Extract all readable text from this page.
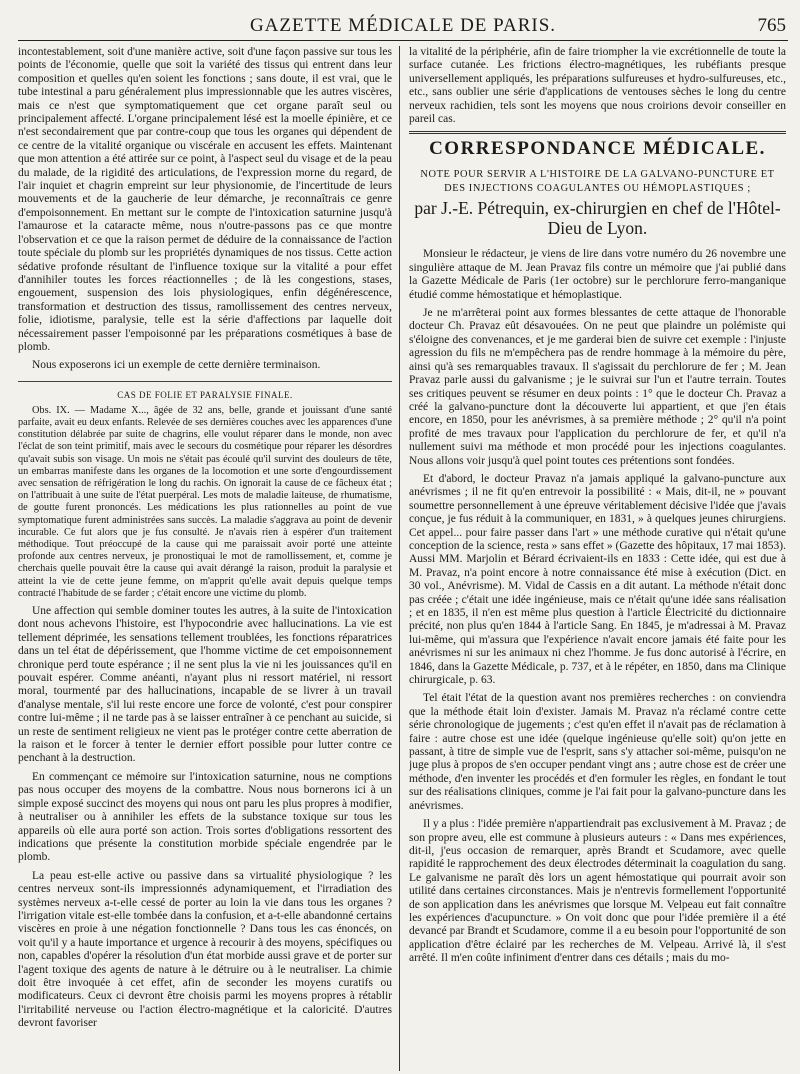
GAZETTE MÉDICALE DE PARIS.	765

incontestablement, soit d'une manière active, soit d'une façon passive sur tous les points de l'économie, quelle que soit la variété des tissus qui entrent dans leur composition et quelles qu'en soient les fonctions ; sans doute, il est vrai, que le tube intestinal a paru généralement plus impressionnable que les autres viscères, mais ce n'est que symptomatiquement que cet organe paraît seul ou principalement affecté. L'organe principalement lésé est la moelle épinière, et ce n'est secondairement que par contre-coup que tous les organes qui dépendent de ce centre de la vitalité organique ou viscérale en accusent les effets. Maintenant que mon attention a été attirée sur ce point, à l'aspect seul du visage et de la peau du malade, de la rigidité des articulations, de l'expression morne du regard, de l'air inquiet et chagrin empreint sur leur physionomie, de l'incertitude de leurs mouvements et de la gaucherie de leur démarche, je reconnaîtrais ce genre d'empoisonnement. En mettant sur le compte de l'intoxication saturnine jusqu'à l'amaurose et la cataracte même, nous n'outre-passons pas ce que montre l'observation et ce que la raison permet de déduire de la connaissance de l'action toute spéciale du plomb sur les propriétés dynamiques de nos tissus. Cette action sédative profonde résultant de l'influence toxique sur la vitalité a pour effet d'annihiler toutes les forces réactionnelles ; de là les congestions, stases, engouement, suspension des lois physiologiques, enfin dégénérescence, transformation et destruction des tissus, ramollissement des centres nerveux, folie, idiotisme, paralysie, telle est la série d'affections par laquelle doit nécessairement passer l'empoisonné par les préparations cosmétiques à base de plomb.

Nous exposerons ici un exemple de cette dernière terminaison.

CAS DE FOLIE ET PARALYSIE FINALE.

Obs. IX. — Madame X..., âgée de 32 ans, belle, grande et jouissant d'une santé parfaite, avait eu deux enfants. Relevée de ses dernières couches avec les apparences d'une constitution délabrée par suite de chagrins, elle voulut réparer dans le monde, non avec l'éclat de son teint primitif, mais avec le secours du cosmétique pour réparer les désordres qu'avait subis son visage. Un mois ne s'était pas écoulé qu'il survint des douleurs de tête, un embarras manifeste dans les organes de la locomotion et une sorte d'engourdissement avec sensation de réfrigération le long du rachis. On ignorait la cause de ce fâcheux état ; on l'attribuait à une suite de l'état puerpéral. Les mots de maladie laiteuse, de rhumatisme, de goutte furent prononcés. Les médications les plus rationnelles au point de vue symptomatique furent administrées sans succès. La maladie s'aggrava au point de devenir incurable. Ce fut alors que je fus consulté. Je n'avais rien à espérer d'un traitement méthodique. Tout préoccupé de la cause qui me paraissait avoir porté une atteinte profonde aux centres nerveux, je pronostiquai le mot de ramollissement, et, comme je cherchais quelle pouvait être la cause qui avait dérangé la raison, produit la paralysie et atteint la vie de cette jeune femme, on m'apprit qu'elle avait depuis quelque temps contracté l'habitude de se farder ; c'était encore une victime du plomb.

Une affection qui semble dominer toutes les autres, à la suite de l'intoxication dont nous achevons l'histoire, est l'hypocondrie avec hallucinations. La vie est tellement déprimée, les sensations tellement troublées, les fonctions réparatrices dans un tel état de dépérissement, que l'homme victime de cet empoisonnement chronique perd toute espérance ; il ne sent plus la vie ni les jouissances qu'il en pouvait espérer. Comme anéanti, n'ayant plus ni ressort matériel, ni ressort moral, tourmenté par des hallucinations, incapable de se livrer à un travail d'analyse mentale, s'il lui reste encore une force de volonté, c'est pour conspirer contre lui-même ; il ne tarde pas à se laisser entraîner à ce penchant au suicide, si un reste de sentiment religieux ne vient pas le protéger contre cette aberration de la raison et le forcer à tenter le dernier effort possible pour lutter contre ce penchant à la destruction.

En commençant ce mémoire sur l'intoxication saturnine, nous ne comptions pas nous occuper des moyens de la combattre. Nous nous bornerons ici à un simple exposé succinct des moyens qui nous ont paru les plus propres à modifier, à neutraliser ou à annihiler les effets de la substance toxique sur tous les appareils où elle aura porté son action. Trois sortes d'obligations ressortent des indications que présente la constitution morbide spéciale engendrée par le plomb.

La peau est-elle active ou passive dans sa virtualité physiologique ? les centres nerveux sont-ils impressionnés adynamiquement, et l'irradiation des systèmes nerveux a-t-elle cessé de porter au loin la vie dans tous les organes ? l'irrigation vitale est-elle tombée dans la confusion, et a-t-elle abandonné certains viscères en proie à une négation fonctionnelle ? Dans tous les cas énoncés, on voit qu'il y a haute importance et urgence à recourir à des moyens, spécifiques ou non, capables d'opérer la résolution d'un état morbide aussi grave et de porter sur l'agent toxique des agents de nature à le détruire ou à le neutraliser. La chimie doit être invoquée à cet effet, afin de seconder les moyens curatifs ou modificateurs. Ceux ci devront être choisis parmi les moyens propres à rétablir l'irritabilité nerveuse ou l'action électro-magnétique et la caloricité. D'autres devront favoriser

la vitalité de la périphérie, afin de faire triompher la vie excrétionnelle de toute la surface cutanée. Les frictions électro-magnétiques, les rubéfiants presque universellement appliqués, les préparations sulfureuses et hydro-sulfureuses, etc., etc., sans oublier une série d'applications de ventouses sèches le long du centre nerveux rachidien, tels sont les moyens que nous croirions devoir conseiller en pareil cas.

CORRESPONDANCE MÉDICALE.
NOTE POUR SERVIR A L'HISTOIRE DE LA GALVANO-PUNCTURE ET DES INJECTIONS COAGULANTES OU HÉMOPLASTIQUES ;
par J.-E. Pétrequin, ex-chirurgien en chef de l'Hôtel-Dieu de Lyon.

Monsieur le rédacteur, je viens de lire dans votre numéro du 26 novembre une singulière attaque de M. Jean Pravaz fils contre un mémoire que j'ai publié dans la Gazette Médicale de Paris (1er octobre) sur le perchlorure ferro-manganique étudié comme hémostatique et hémoplastique.

Je ne m'arrêterai point aux formes blessantes de cette attaque de l'honorable docteur Ch. Pravaz eût désavouées. On ne peut que plaindre un polémiste qui s'éloigne des convenances, et je me garderai bien de suivre cet exemple : l'injuste agression du fils ne m'empêchera pas de rendre hommage à la mémoire du père, ainsi qu'à ses remarquables travaux. Il s'agissait du perchlorure de fer ; M. Jean Pravaz parle aussi du galvanisme ; je le suivrai sur l'un et l'autre terrain. Toutes ses critiques peuvent se résumer en deux points : 1° que le docteur Ch. Pravaz a créé la galvano-puncture dont la découverte lui appartient, et que j'en étais encore, en 1850, pour les anévrismes, à sa première méthode ; 2° qu'il n'a point profité de mes travaux pour l'application du perchlorure de fer, et qu'il n'a nullement suivi ma méthode et mon procédé pour les injections coagulantes. Nous allons voir jusqu'à quel point toutes ces prétentions sont fondées.

Et d'abord, le docteur Pravaz n'a jamais appliqué la galvano-puncture aux anévrismes ; il ne fit qu'en entrevoir la possibilité : « Mais, dit-il, ne » pouvant soumettre personnellement à une épreuve véritablement décisive l'idée que j'avais conçue, je fus réduit à la communiquer, en 1831, » à quelques jeunes chirurgiens. Cet appel... pour faire passer dans l'art » une méthode curative qui n'était qu'une conception de la science, resta » sans effet » (Gazette des hôpitaux, 17 mai 1853). Aussi MM. Marjolin et Bérard écrivaient-ils en 1833 : Cette idée, qui est due à M. Pravaz, n'a point encore à notre connaissance été mise à exécution (Dict. en 30 vol., Anévrisme). M. Vidal de Cassis en a dit autant. La méthode n'était donc pas créée ; c'était une idée ingénieuse, mais ce n'était qu'une idée sans réalisation ; et en 1835, il n'en est même plus question à l'article Électricité du dictionnaire précité, non plus qu'en 1844 à l'article Sang. En 1845, je m'adressai à M. Pravaz lui-même, qui m'assura que l'expérience n'avait encore jamais été faite pour les anévrismes ni sur les animaux ni chez l'homme. Je fus donc autorisé à l'écrire, en 1846, dans la Gazette Médicale, p. 737, et à le répéter, en 1850, dans ma Clinique chirurgicale, p. 63.

Tel était l'état de la question avant nos premières recherches : on conviendra que la méthode était loin d'exister. Jamais M. Pravaz n'a réclamé contre cette série chronologique de jugements ; c'est qu'en effet il n'avait pas de réclamation à faire : autre chose est une idée (quelque ingénieuse qu'elle soit) qu'on jette en passant, à titre de simple vue de l'esprit, sans s'y attacher soi-même, puisqu'on ne juge plus à propos de s'en occuper pendant vingt ans ; autre chose est de créer une méthode, d'en inventer les procédés et d'en formuler les règles, en fondant le tout sur des réalisations cliniques, comme je l'ai fait pour la galvano-puncture dans les anévrismes.

Il y a plus : l'idée première n'appartiendrait pas exclusivement à M. Pravaz ; de son propre aveu, elle est commune à plusieurs auteurs : « Dans mes expériences, dit-il, j'eus occasion de remarquer, après Brandt et Scudamore, avec quelle rapidité le rapprochement des deux électrodes déterminait la coagulation du sang. Le galvanisme ne paraît dès lors un agent hémostatique qui pourrait avoir son utilité dans certaines circonstances. Mais je n'entrevis formellement l'opportunité de son application dans les anévrismes que lorsque M. Velpeau eut fait connaître les expériences d'acupuncture. » On voit donc que pour l'idée première il a été devancé par Brandt et Scudamore, comme il a eu besoin pour l'opportunité de son application d'être éclairé par les recherches de M. Velpeau. Arrivé là, il s'est arrêté. Il m'en coûte infiniment d'entrer dans ces détails ; mais du mo-
